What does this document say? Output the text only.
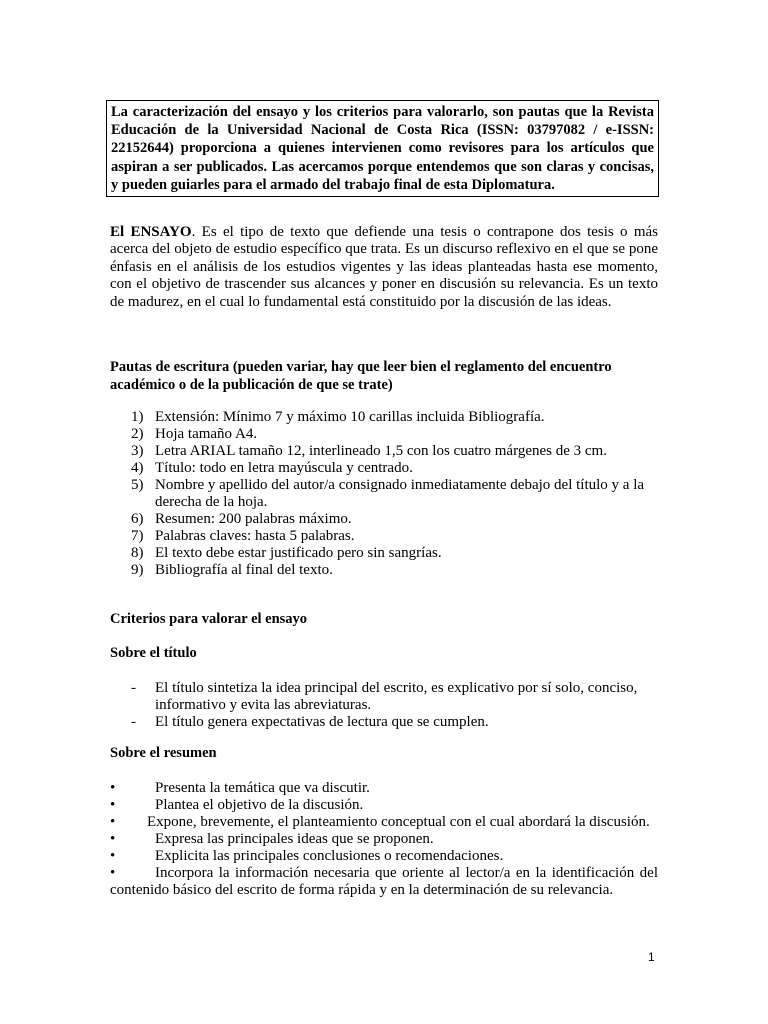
La caracterización del ensayo y los criterios para valorarlo, son pautas que la Revista Educación de la Universidad Nacional de Costa Rica (ISSN: 03797082 / e-ISSN: 22152644) proporciona a quienes intervienen como revisores para los artículos que aspiran a ser publicados. Las acercamos porque entendemos que son claras y concisas, y pueden guiarles para el armado del trabajo final de esta Diplomatura.
El ENSAYO. Es el tipo de texto que defiende una tesis o contrapone dos tesis o más acerca del objeto de estudio específico que trata. Es un discurso reflexivo en el que se pone énfasis en el análisis de los estudios vigentes y las ideas planteadas hasta ese momento, con el objetivo de trascender sus alcances y poner en discusión su relevancia. Es un texto de madurez, en el cual lo fundamental está constituido por la discusión de las ideas.
Pautas de escritura (pueden variar, hay que leer bien el reglamento del encuentro académico o de la publicación de que se trate)
1) Extensión: Mínimo 7 y máximo 10 carillas incluida Bibliografía.
2) Hoja tamaño A4.
3) Letra ARIAL tamaño 12, interlineado 1,5 con los cuatro márgenes de 3 cm.
4) Título: todo en letra mayúscula y centrado.
5) Nombre y apellido del autor/a consignado inmediatamente debajo del título y a la derecha de la hoja.
6) Resumen: 200 palabras máximo.
7) Palabras claves: hasta 5 palabras.
8) El texto debe estar justificado pero sin sangrías.
9) Bibliografía al final del texto.
Criterios para valorar el ensayo
Sobre el título
- El título sintetiza la idea principal del escrito, es explicativo por sí solo, conciso, informativo y evita las abreviaturas.
- El título genera expectativas de lectura que se cumplen.
Sobre el resumen
•	Presenta la temática que va discutir.
•	Plantea el objetivo de la discusión.
• Expone, brevemente, el planteamiento conceptual con el cual abordará la discusión.
•	Expresa las principales ideas que se proponen.
•	Explicita las principales conclusiones o recomendaciones.
•	Incorpora la información necesaria que oriente al lector/a en la identificación del contenido básico del escrito de forma rápida y en la determinación de su relevancia.
1
